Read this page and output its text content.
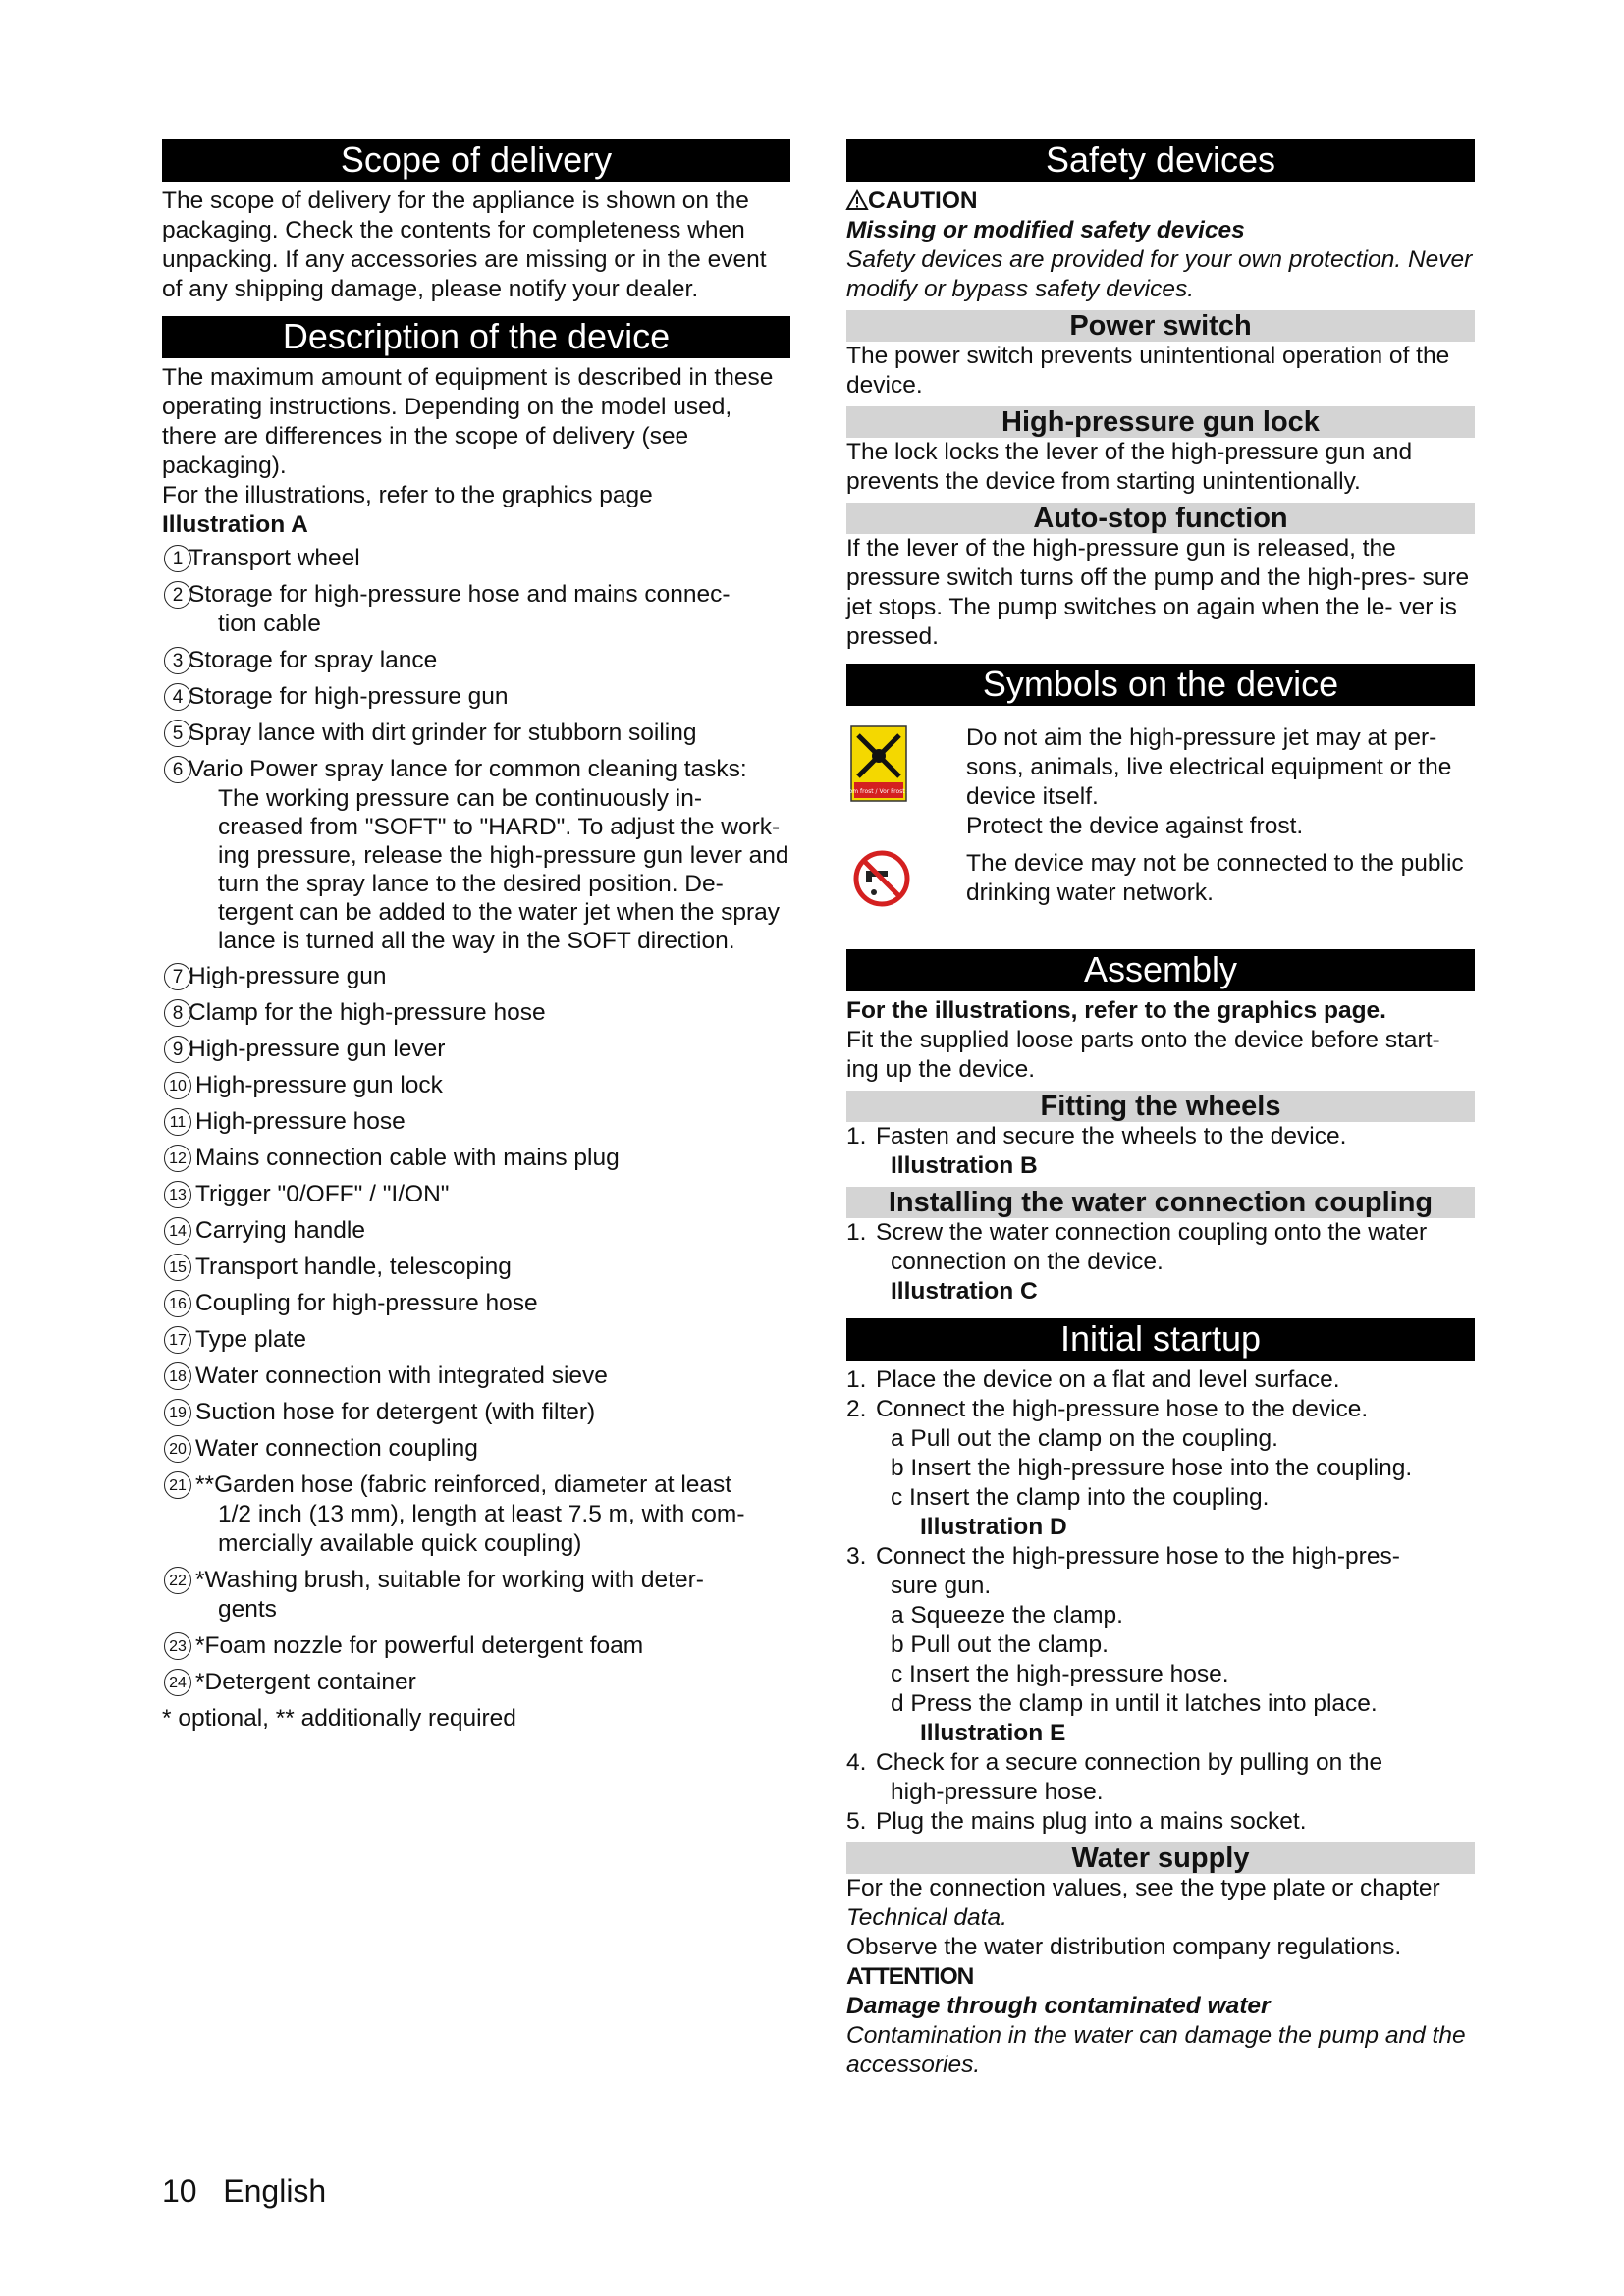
Scope of delivery

The scope of delivery for the appliance is shown on the packaging. Check the contents for completeness when unpacking. If any accessories are missing or in the event of any shipping damage, please notify your dealer.

Description of the device

The maximum amount of equipment is described in these operating instructions. Depending on the model used, there are differences in the scope of delivery (see packaging).

For the illustrations, refer to the graphics page

Illustration A

1 Transport wheel
2 Storage for high-pressure hose and mains connec-
tion cable
3 Storage for spray lance
4 Storage for high-pressure gun
5 Spray lance with dirt grinder for stubborn soiling
6 Vario Power spray lance for common cleaning tasks:
The working pressure can be continuously in- creased from "SOFT" to "HARD". To adjust the work- ing pressure, release the high-pressure gun lever and turn the spray lance to the desired position. De- tergent can be added to the water jet when the spray lance is turned all the way in the SOFT direction.
7 High-pressure gun
8 Clamp for the high-pressure hose
9 High-pressure gun lever
10 High-pressure gun lock
11 High-pressure hose
12 Mains connection cable with mains plug
13 Trigger "0/OFF" / "I/ON"
14 Carrying handle
15 Transport handle, telescoping
16 Coupling for high-pressure hose
17 Type plate
18 Water connection with integrated sieve
19 Suction hose for detergent (with filter)
20 Water connection coupling
21 **Garden hose (fabric reinforced, diameter at least
1/2 inch (13 mm), length at least 7.5 m, with com- mercially available quick coupling)
22 *Washing brush, suitable for working with deter-
gents
23 *Foam nozzle for powerful detergent foam
24 *Detergent container

* optional, ** additionally required

Safety devices

CAUTION

Missing or modified safety devices

Safety devices are provided for your own protection. Never modify or bypass safety devices.

Power switch

The power switch prevents unintentional operation of the device.

High-pressure gun lock

The lock locks the lever of the high-pressure gun and prevents the device from starting unintentionally.

Auto-stop function

If the lever of the high-pressure gun is released, the pressure switch turns off the pump and the high-pres- sure jet stops. The pump switches on again when the le- ver is pressed.

Symbols on the device
Protect from frost / Vor Frost schützen!

Do not aim the high-pressure jet may at per- sons, animals, live electrical equipment or the device itself.

Protect the device against frost.

The device may not be connected to the public drinking water network.

Assembly

For the illustrations, refer to the graphics page.

Fit the supplied loose parts onto the device before start- ing up the device.

Fitting the wheels
1. Fasten and secure the wheels to the device.

Illustration B

Installing the water connection coupling
1. Screw the water connection coupling onto the water

connection on the device.

Illustration C

Initial startup
1. Place the device on a flat and level surface.
2. Connect the high-pressure hose to the device.

a Pull out the clamp on the coupling.

b Insert the high-pressure hose into the coupling.

c Insert the clamp into the coupling.

Illustration D

3. Connect the high-pressure hose to the high-pres-

sure gun.

a Squeeze the clamp.

b Pull out the clamp.

c Insert the high-pressure hose.

d Press the clamp in until it latches into place.

Illustration E

4. Check for a secure connection by pulling on the

high-pressure hose.

5. Plug the mains plug into a mains socket.
Water supply

For the connection values, see the type plate or chapter

Technical data.

Observe the water distribution company regulations.

ATTENTION

Damage through contaminated water

Contamination in the water can damage the pump and the accessories.

10 English
